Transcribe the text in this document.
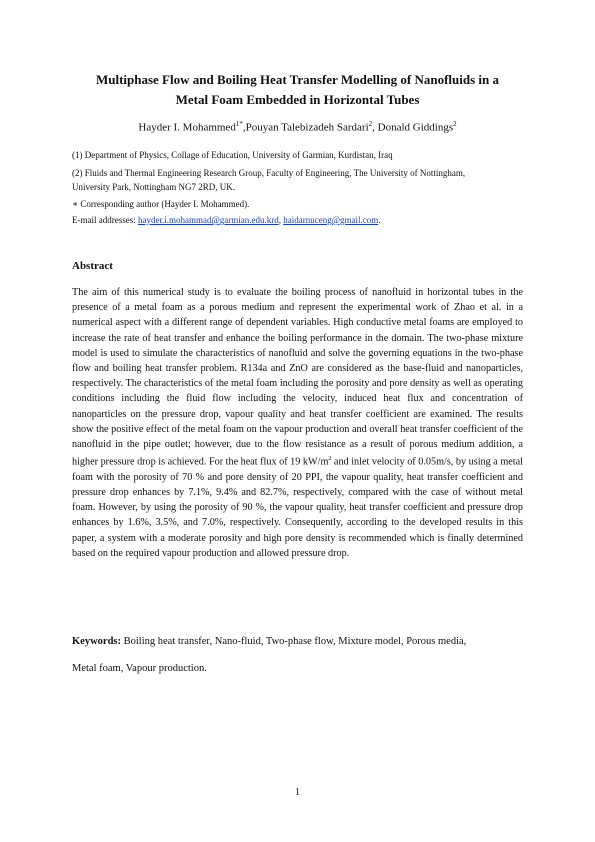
Multiphase Flow and Boiling Heat Transfer Modelling of Nanofluids in a
Metal Foam Embedded in Horizontal Tubes
Hayder I. Mohammed$^{1*}$,Pouyan Talebizadeh Sardari$^2$, Donald Giddings$^2$
(1) Department of Physics, Collage of Education, University of Garmian, Kurdistan, Iraq
(2) Fluids and Thermal Engineering Research Group, Faculty of Engineering, The University of Nottingham,
University Park, Nottingham NG7 2RD, UK.
∗ Corresponding author (Hayder I. Mohammed).
E-mail addresses: hayder.i.mohammad@garmian.edu.krd, haidarnuceng@gmail.com.
Abstract
The aim of this numerical study is to evaluate the boiling process of nanofluid in horizontal tubes in the presence of a metal foam as a porous medium and represent the experimental work of Zhao et al. in a numerical aspect with a different range of dependent variables. High conductive metal foams are employed to increase the rate of heat transfer and enhance the boiling performance in the domain. The two-phase mixture model is used to simulate the characteristics of nanofluid and solve the governing equations in the two-phase flow and boiling heat transfer problem. R134a and ZnO are considered as the base-fluid and nanoparticles, respectively. The characteristics of the metal foam including the porosity and pore density as well as operating conditions including the fluid flow including the velocity, induced heat flux and concentration of nanoparticles on the pressure drop, vapour quality and heat transfer coefficient are examined. The results show the positive effect of the metal foam on the vapour production and overall heat transfer coefficient of the nanofluid in the pipe outlet; however, due to the flow resistance as a result of porous medium addition, a higher pressure drop is achieved. For the heat flux of 19 $kW/m^2$ and inlet velocity of 0.05m/s, by using a metal foam with the porosity of 70 % and pore density of 20 PPI, the vapour quality, heat transfer coefficient and pressure drop enhances by 7.1%, 9.4% and 82.7%, respectively, compared with the case of without metal foam. However, by using the porosity of 90 %, the vapour quality, heat transfer coefficient and pressure drop enhances by 1.6%, 3.5%, and 7.0%, respectively. Consequently, according to the developed results in this paper, a system with a moderate porosity and high pore density is recommended which is finally determined based on the required vapour production and allowed pressure drop.
Keywords: Boiling heat transfer, Nano-fluid, Two-phase flow, Mixture model, Porous media,
Metal foam, Vapour production.
1
